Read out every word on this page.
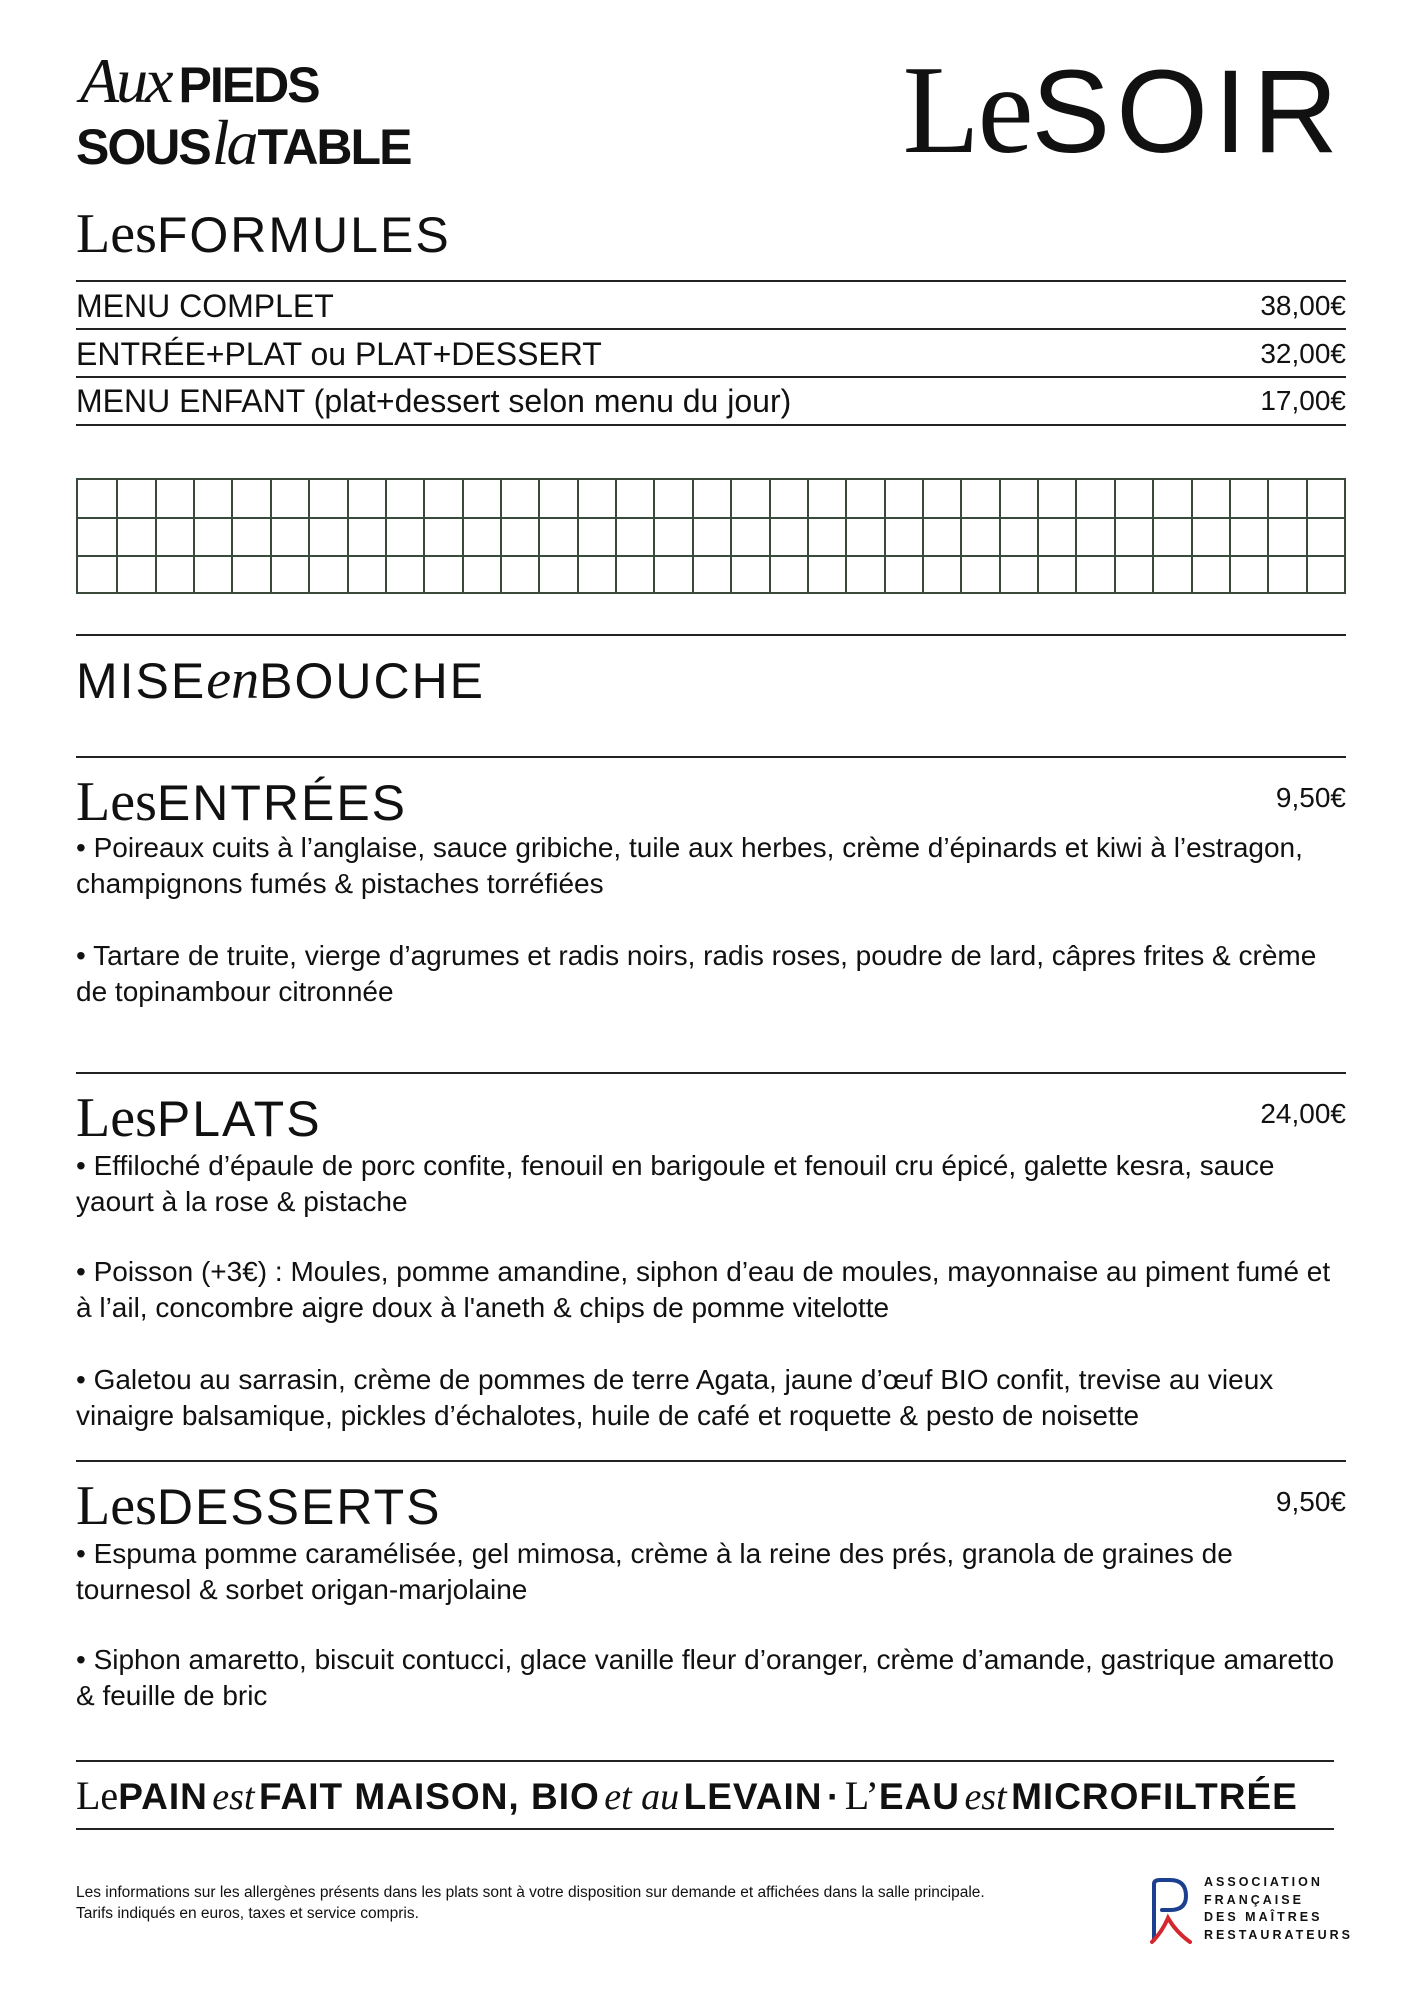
Aux PIEDS
SOUSlaTABLE	LeSOIR
LesFORMULES
MENU COMPLET	38,00€
ENTRÉE+PLAT ou PLAT+DESSERT	32,00€
MENU ENFANT (plat+dessert selon menu du jour)	17,00€
MISEenBOUCHE
LesENTRÉES	9,50€
• Poireaux cuits à l’anglaise, sauce gribiche, tuile aux herbes, crème d’épinards et kiwi à l’estragon, champignons fumés & pistaches torréfiées
• Tartare de truite, vierge d’agrumes et radis noirs, radis roses, poudre de lard, câpres frites & crème de topinambour citronnée
LesPLATS	24,00€
• Effiloché d’épaule de porc confite, fenouil en barigoule et fenouil cru épicé, galette kesra, sauce yaourt à la rose & pistache
• Poisson (+3€) : Moules, pomme amandine, siphon d’eau de moules, mayonnaise au piment fumé et à l’ail, concombre aigre doux à l'aneth & chips de pomme vitelotte
• Galetou au sarrasin, crème de pommes de terre Agata, jaune d’œuf BIO confit, trevise au vieux vinaigre balsamique, pickles d’échalotes, huile de café et roquette & pesto de noisette
LesDESSERTS	9,50€
• Espuma pomme caramélisée, gel mimosa, crème à la reine des prés, granola de graines de tournesol & sorbet origan-marjolaine
• Siphon amaretto, biscuit contucci, glace vanille fleur d’oranger, crème d’amande, gastrique amaretto & feuille de bric
LePAIN est FAIT MAISON, BIO et au LEVAIN · L’EAU est MICROFILTRÉE
Les informations sur les allergènes présents dans les plats sont à votre disposition sur demande et affichées dans la salle principale.
Tarifs indiqués en euros, taxes et service compris.
ASSOCIATION
FRANÇAISE
DES MAÎTRES
RESTAURATEURS
